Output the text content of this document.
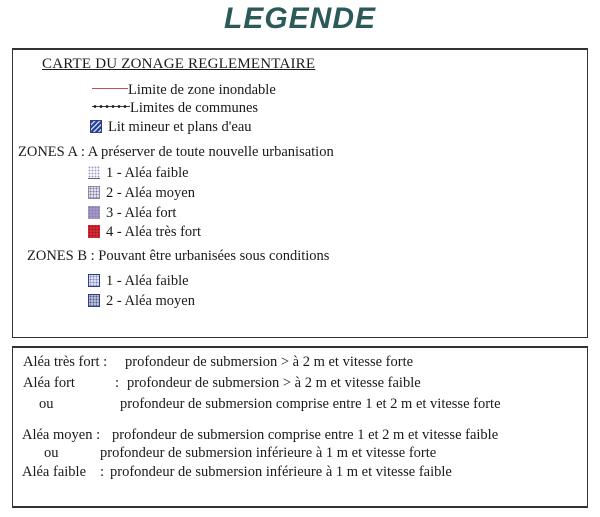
LEGENDE
CARTE DU ZONAGE REGLEMENTAIRE
Limite de zone inondable
Limites de communes
Lit mineur et plans d'eau
ZONES A : A préserver de toute nouvelle urbanisation
1 - Aléa faible
2 - Aléa moyen
3 - Aléa fort
4 - Aléa très fort
ZONES B : Pouvant être urbanisées sous conditions
1 - Aléa faible
2 - Aléa moyen
Aléa très fort : profondeur de submersion > à 2 m et vitesse forte
Aléa fort	: profondeur de submersion > à 2 m et vitesse faible
ou	profondeur de submersion comprise entre 1 et 2 m et vitesse forte
Aléa moyen : profondeur de submersion comprise entre 1 et 2 m et vitesse faible
ou	profondeur de submersion inférieure à 1 m et vitesse forte
Aléa faible : profondeur de submersion inférieure à 1 m et vitesse faible
